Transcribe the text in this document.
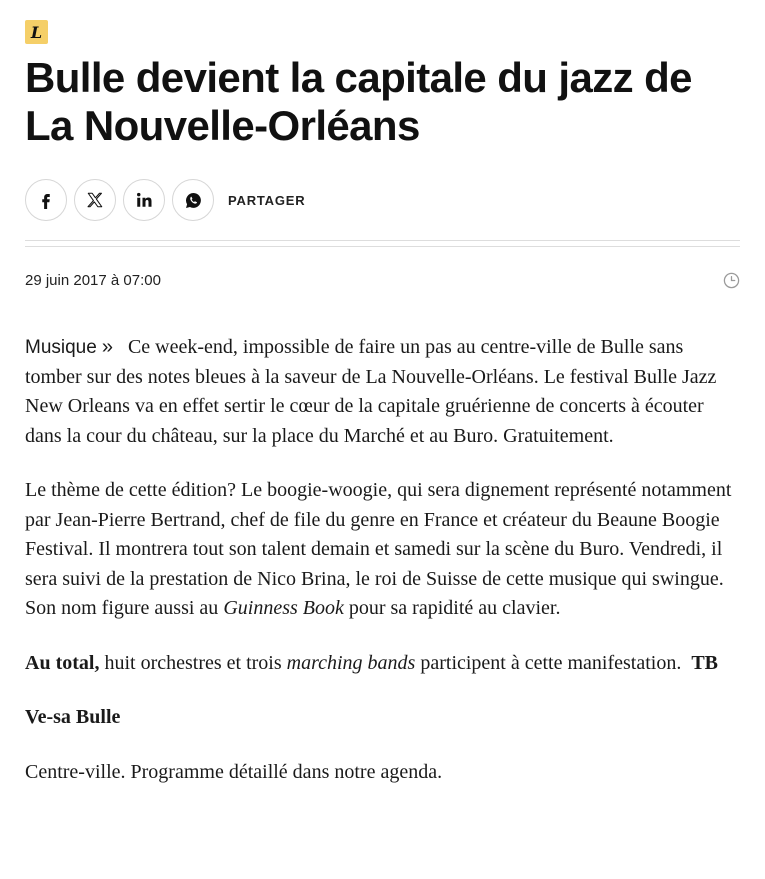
L
Bulle devient la capitale du jazz de La Nouvelle-Orléans
PARTAGER
29 juin 2017 à 07:00

Musique » Ce week-end, impossible de faire un pas au centre-ville de Bulle sans tomber sur des notes bleues à la saveur de La Nouvelle-Orléans. Le festival Bulle Jazz New Orleans va en effet sertir le cœur de la capitale gruérienne de concerts à écouter dans la cour du château, sur la place du Marché et au Buro. Gratuitement.

Le thème de cette édition? Le boogie-woogie, qui sera dignement représenté notamment par Jean-Pierre Bertrand, chef de file du genre en France et créateur du Beaune Boogie Festival. Il montrera tout son talent demain et samedi sur la scène du Buro. Vendredi, il sera suivi de la prestation de Nico Brina, le roi de Suisse de cette musique qui swingue. Son nom figure aussi au Guinness Book pour sa rapidité au clavier.

Au total, huit orchestres et trois marching bands participent à cette manifestation. TB

Ve-sa Bulle

Centre-ville. Programme détaillé dans notre agenda.
